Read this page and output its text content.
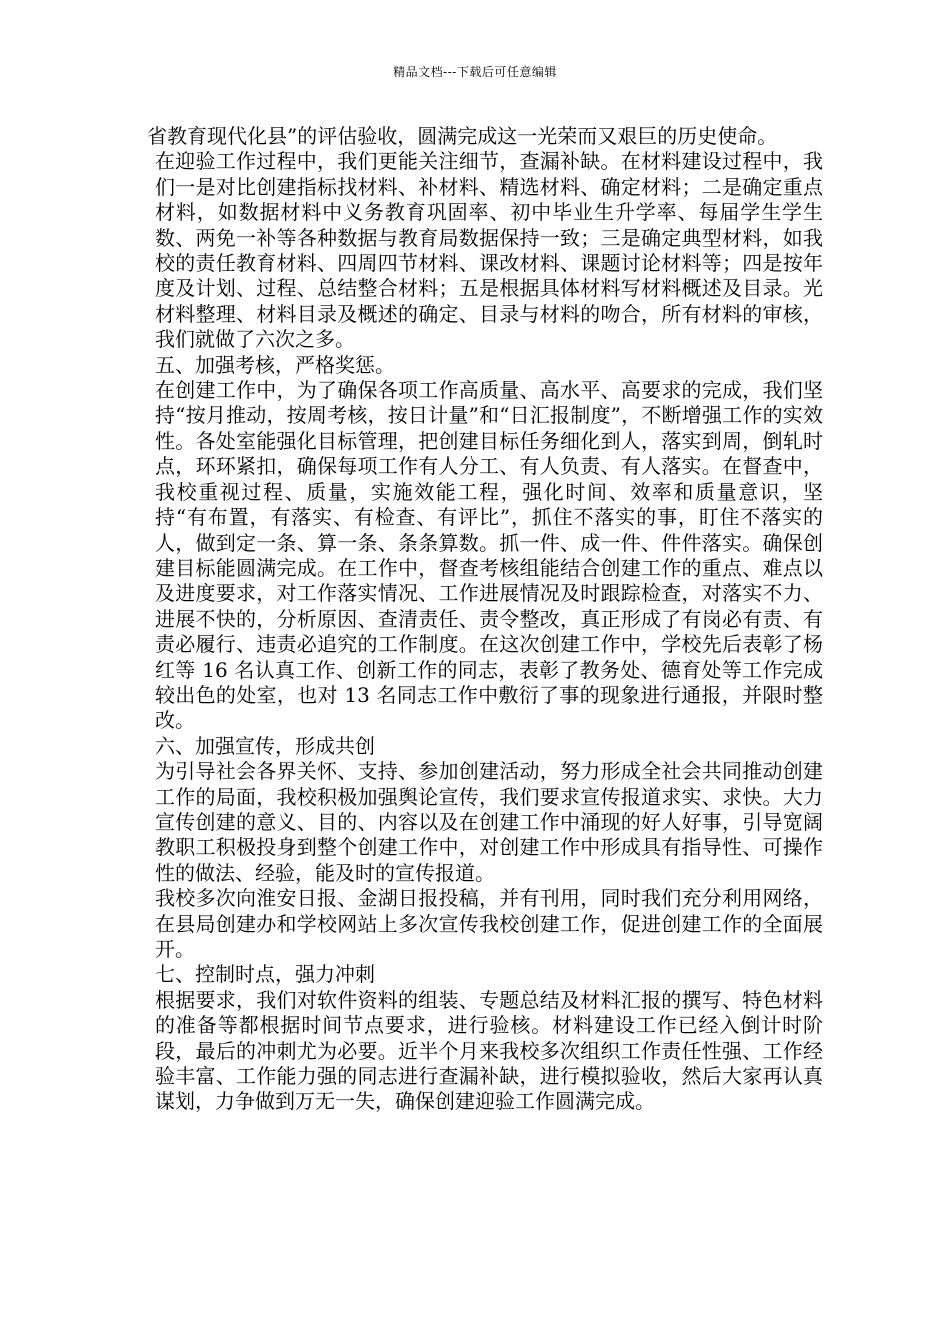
精品文档---下载后可任意编辑

省教育现代化县”的评估验收，圆满完成这一光荣而又艰巨的历史使命。

在迎验工作过程中，我们更能关注细节，查漏补缺。在材料建设过程中，我们一是对比创建指标找材料、补材料、精选材料、确定材料；二是确定重点材料，如数据材料中义务教育巩固率、初中毕业生升学率、每届学生学生数、两免一补等各种数据与教育局数据保持一致；三是确定典型材料，如我校的责任教育材料、四周四节材料、课改材料、课题讨论材料等；四是按年度及计划、过程、总结整合材料；五是根据具体材料写材料概述及目录。光材料整理、材料目录及概述的确定、目录与材料的吻合，所有材料的审核，我们就做了六次之多。

五、加强考核，严格奖惩。

在创建工作中，为了确保各项工作高质量、高水平、高要求的完成，我们坚持“按月推动，按周考核，按日计量”和“日汇报制度”，不断增强工作的实效性。各处室能强化目标管理，把创建目标任务细化到人，落实到周，倒轧时点，环环紧扣，确保每项工作有人分工、有人负责、有人落实。在督查中，我校重视过程、质量，实施效能工程，强化时间、效率和质量意识，坚持“有布置，有落实、有检查、有评比”，抓住不落实的事，盯住不落实的人，做到定一条、算一条、条条算数。抓一件、成一件、件件落实。确保创建目标能圆满完成。在工作中，督查考核组能结合创建工作的重点、难点以及进度要求，对工作落实情况、工作进展情况及时跟踪检查，对落实不力、进展不快的，分析原因、查清责任、责令整改，真正形成了有岗必有责、有责必履行、违责必追究的工作制度。在这次创建工作中，学校先后表彰了杨红等 16 名认真工作、创新工作的同志，表彰了教务处、德育处等工作完成较出色的处室，也对 13 名同志工作中敷衍了事的现象进行通报，并限时整改。

六、加强宣传，形成共创

为引导社会各界关怀、支持、参加创建活动，努力形成全社会共同推动创建工作的局面，我校积极加强舆论宣传，我们要求宣传报道求实、求快。大力宣传创建的意义、目的、内容以及在创建工作中涌现的好人好事，引导宽阔教职工积极投身到整个创建工作中，对创建工作中形成具有指导性、可操作性的做法、经验，能及时的宣传报道。

我校多次向淮安日报、金湖日报投稿，并有刊用，同时我们充分利用网络，在县局创建办和学校网站上多次宣传我校创建工作，促进创建工作的全面展开。

七、控制时点，强力冲刺

根据要求，我们对软件资料的组装、专题总结及材料汇报的撰写、特色材料的准备等都根据时间节点要求，进行验核。材料建设工作已经入倒计时阶段，最后的冲刺尤为必要。近半个月来我校多次组织工作责任性强、工作经验丰富、工作能力强的同志进行查漏补缺，进行模拟验收，然后大家再认真谋划，力争做到万无一失，确保创建迎验工作圆满完成。
